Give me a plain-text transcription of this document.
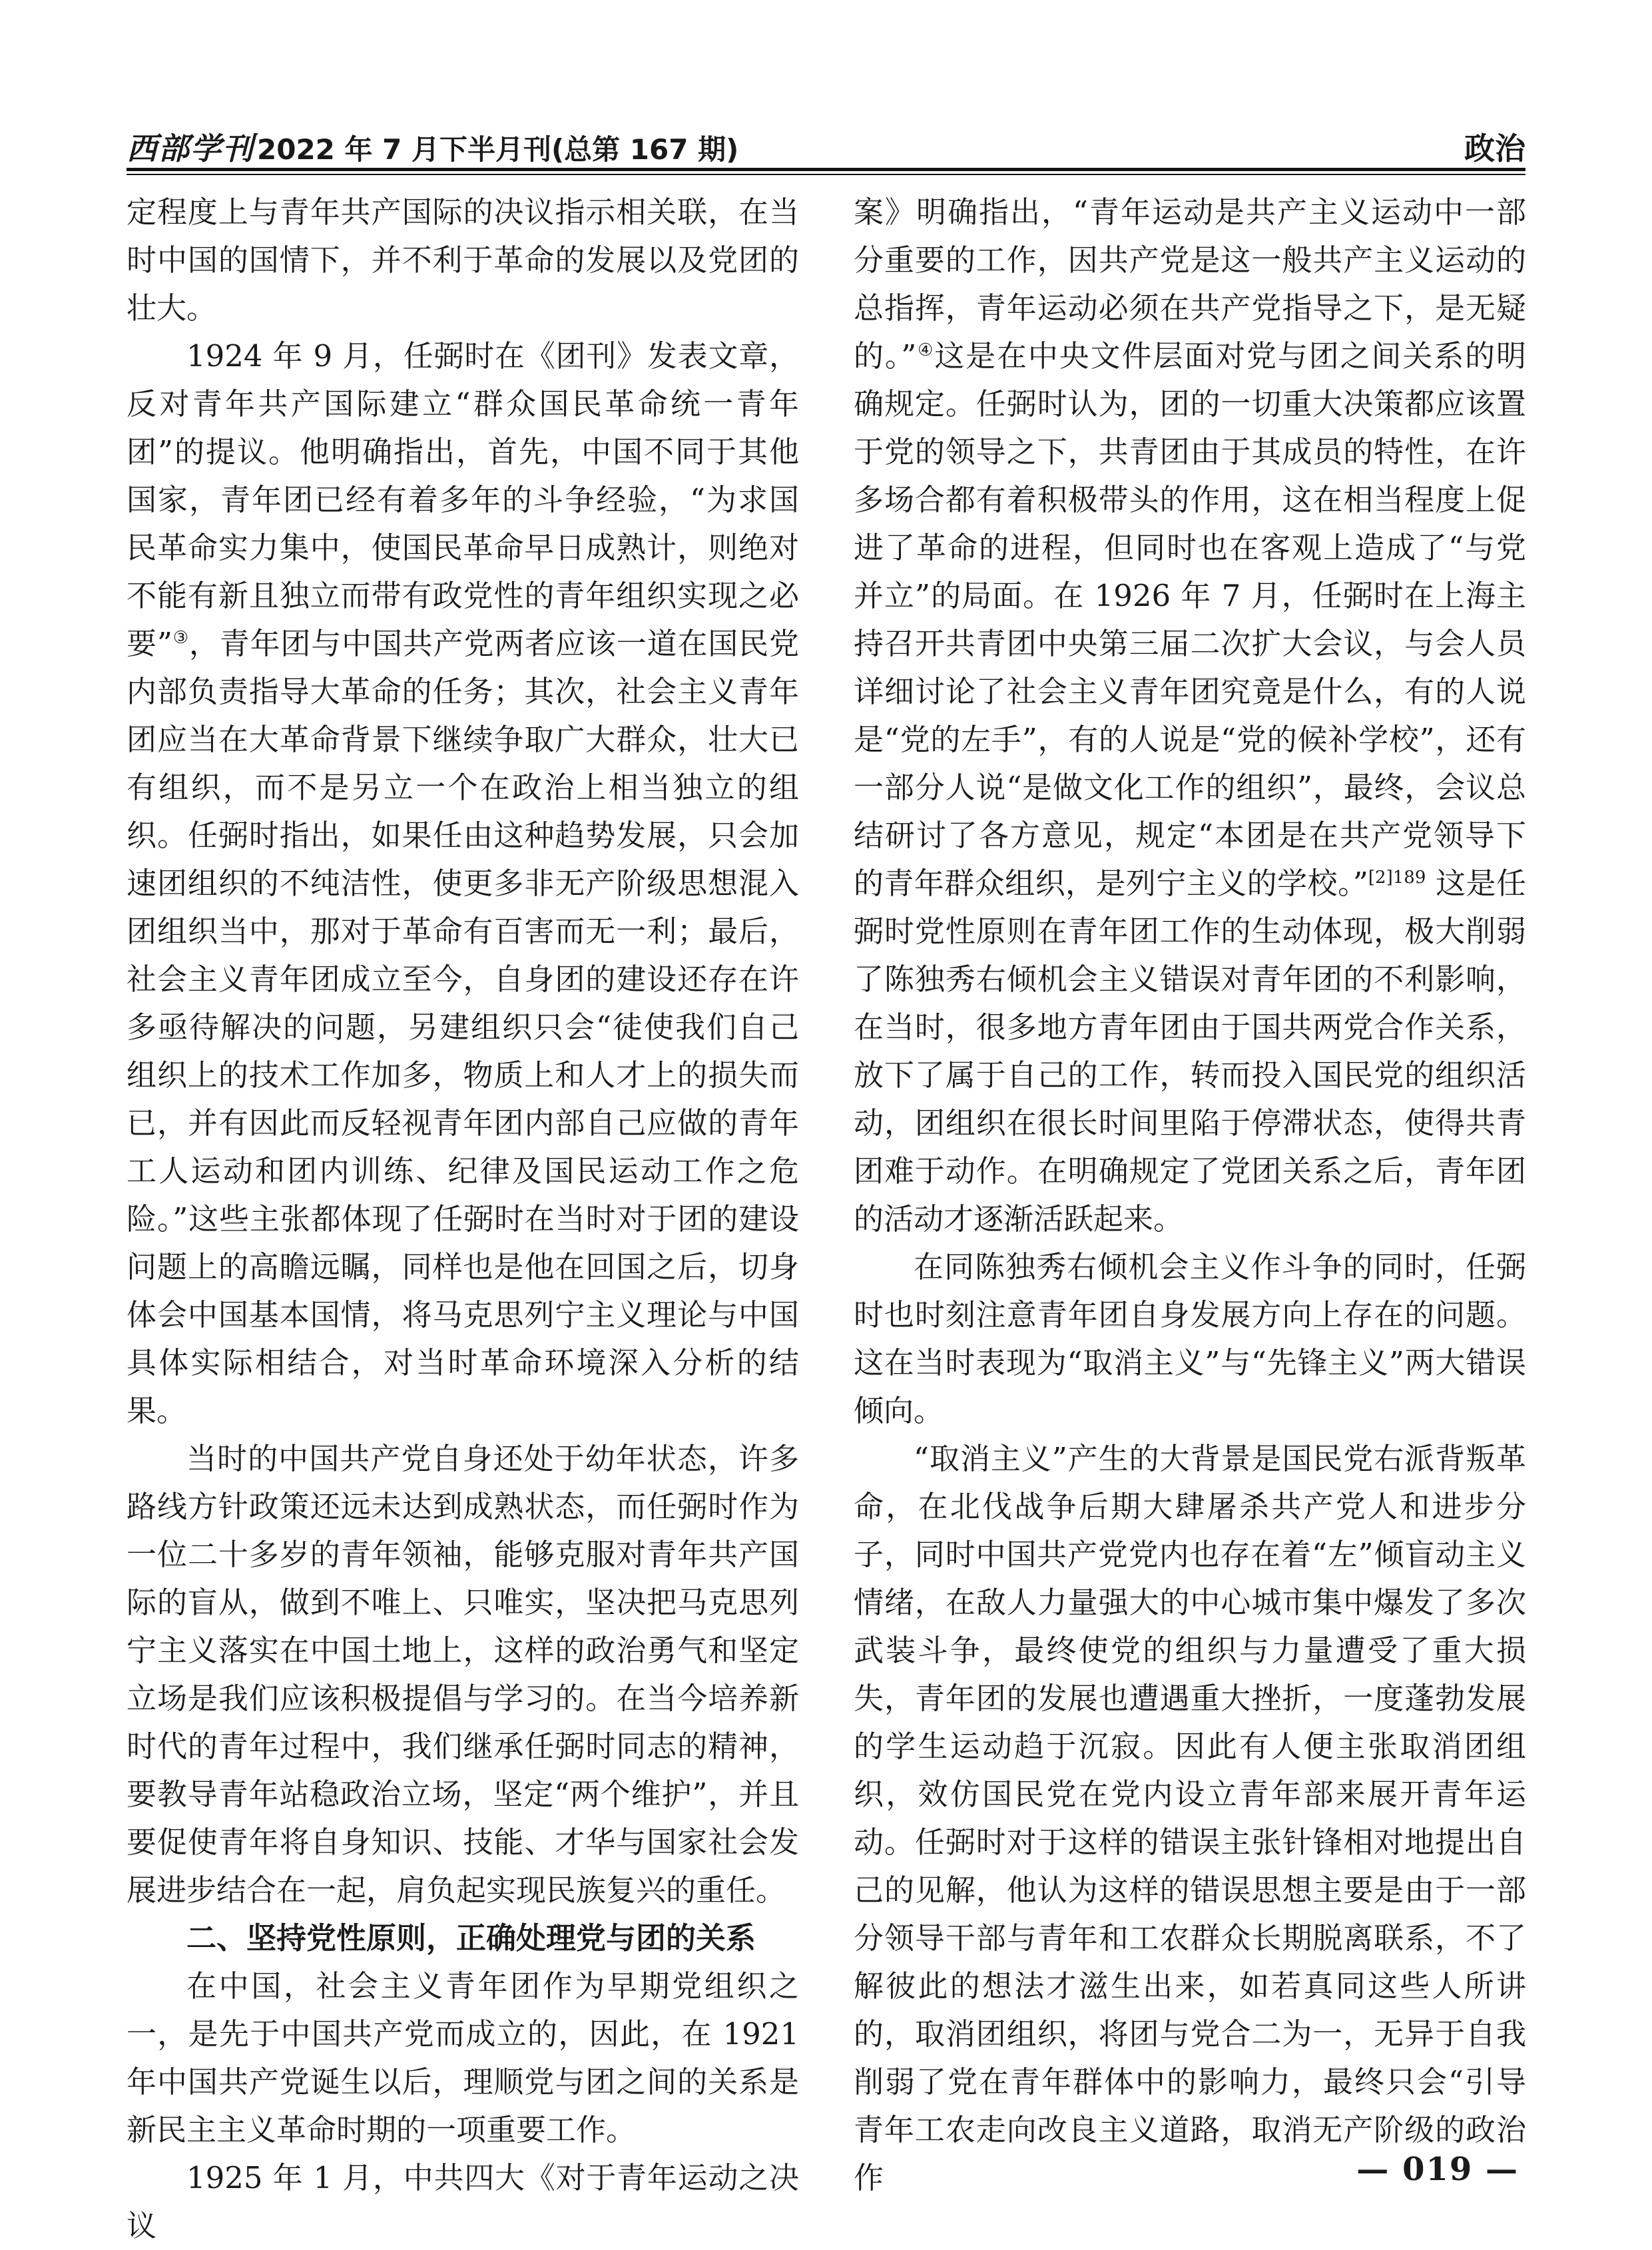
西部学刊 2022 年 7 月下半月刊(总第 167 期)	政治

定程度上与青年共产国际的决议指示相关联，在当时中国的国情下，并不利于革命的发展以及党团的壮大。

1924 年 9 月，任弼时在《团刊》发表文章，反对青年共产国际建立“群众国民革命统一青年团”的提议。他明确指出，首先，中国不同于其他国家，青年团已经有着多年的斗争经验，“为求国民革命实力集中，使国民革命早日成熟计，则绝对不能有新且独立而带有政党性的青年组织实现之必要”③，青年团与中国共产党两者应该一道在国民党内部负责指导大革命的任务；其次，社会主义青年团应当在大革命背景下继续争取广大群众，壮大已有组织，而不是另立一个在政治上相当独立的组织。任弼时指出，如果任由这种趋势发展，只会加速团组织的不纯洁性，使更多非无产阶级思想混入团组织当中，那对于革命有百害而无一利；最后，社会主义青年团成立至今，自身团的建设还存在许多亟待解决的问题，另建组织只会“徒使我们自己组织上的技术工作加多，物质上和人才上的损失而已，并有因此而反轻视青年团内部自己应做的青年工人运动和团内训练、纪律及国民运动工作之危险。”这些主张都体现了任弼时在当时对于团的建设问题上的高瞻远瞩，同样也是他在回国之后，切身体会中国基本国情，将马克思列宁主义理论与中国具体实际相结合，对当时革命环境深入分析的结果。

当时的中国共产党自身还处于幼年状态，许多路线方针政策还远未达到成熟状态，而任弼时作为一位二十多岁的青年领袖，能够克服对青年共产国际的盲从，做到不唯上、只唯实，坚决把马克思列宁主义落实在中国土地上，这样的政治勇气和坚定立场是我们应该积极提倡与学习的。在当今培养新时代的青年过程中，我们继承任弼时同志的精神，要教导青年站稳政治立场，坚定“两个维护”，并且要促使青年将自身知识、技能、才华与国家社会发展进步结合在一起，肩负起实现民族复兴的重任。

二、坚持党性原则，正确处理党与团的关系

在中国，社会主义青年团作为早期党组织之一，是先于中国共产党而成立的，因此，在 1921 年中国共产党诞生以后，理顺党与团之间的关系是新民主主义革命时期的一项重要工作。

1925 年 1 月，中共四大《对于青年运动之决议

案》明确指出，“青年运动是共产主义运动中一部分重要的工作，因共产党是这一般共产主义运动的总指挥，青年运动必须在共产党指导之下，是无疑的。”④这是在中央文件层面对党与团之间关系的明确规定。任弼时认为，团的一切重大决策都应该置于党的领导之下，共青团由于其成员的特性，在许多场合都有着积极带头的作用，这在相当程度上促进了革命的进程，但同时也在客观上造成了“与党并立”的局面。在 1926 年 7 月，任弼时在上海主持召开共青团中央第三届二次扩大会议，与会人员详细讨论了社会主义青年团究竟是什么，有的人说是“党的左手”，有的人说是“党的候补学校”，还有一部分人说“是做文化工作的组织”，最终，会议总结研讨了各方意见，规定“本团是在共产党领导下的青年群众组织，是列宁主义的学校。”$^{[2]189}$ 这是任弼时党性原则在青年团工作的生动体现，极大削弱了陈独秀右倾机会主义错误对青年团的不利影响，在当时，很多地方青年团由于国共两党合作关系，放下了属于自己的工作，转而投入国民党的组织活动，团组织在很长时间里陷于停滞状态，使得共青团难于动作。在明确规定了党团关系之后，青年团的活动才逐渐活跃起来。

在同陈独秀右倾机会主义作斗争的同时，任弼时也时刻注意青年团自身发展方向上存在的问题。这在当时表现为“取消主义”与“先锋主义”两大错误倾向。

“取消主义”产生的大背景是国民党右派背叛革命，在北伐战争后期大肆屠杀共产党人和进步分子，同时中国共产党党内也存在着“左”倾盲动主义情绪，在敌人力量强大的中心城市集中爆发了多次武装斗争，最终使党的组织与力量遭受了重大损失，青年团的发展也遭遇重大挫折，一度蓬勃发展的学生运动趋于沉寂。因此有人便主张取消团组织，效仿国民党在党内设立青年部来展开青年运动。任弼时对于这样的错误主张针锋相对地提出自己的见解，他认为这样的错误思想主要是由于一部分领导干部与青年和工农群众长期脱离联系，不了解彼此的想法才滋生出来，如若真同这些人所讲的，取消团组织，将团与党合二为一，无异于自我削弱了党在青年群体中的影响力，最终只会“引导青年工农走向改良主义道路，取消无产阶级的政治作	— 019 —
